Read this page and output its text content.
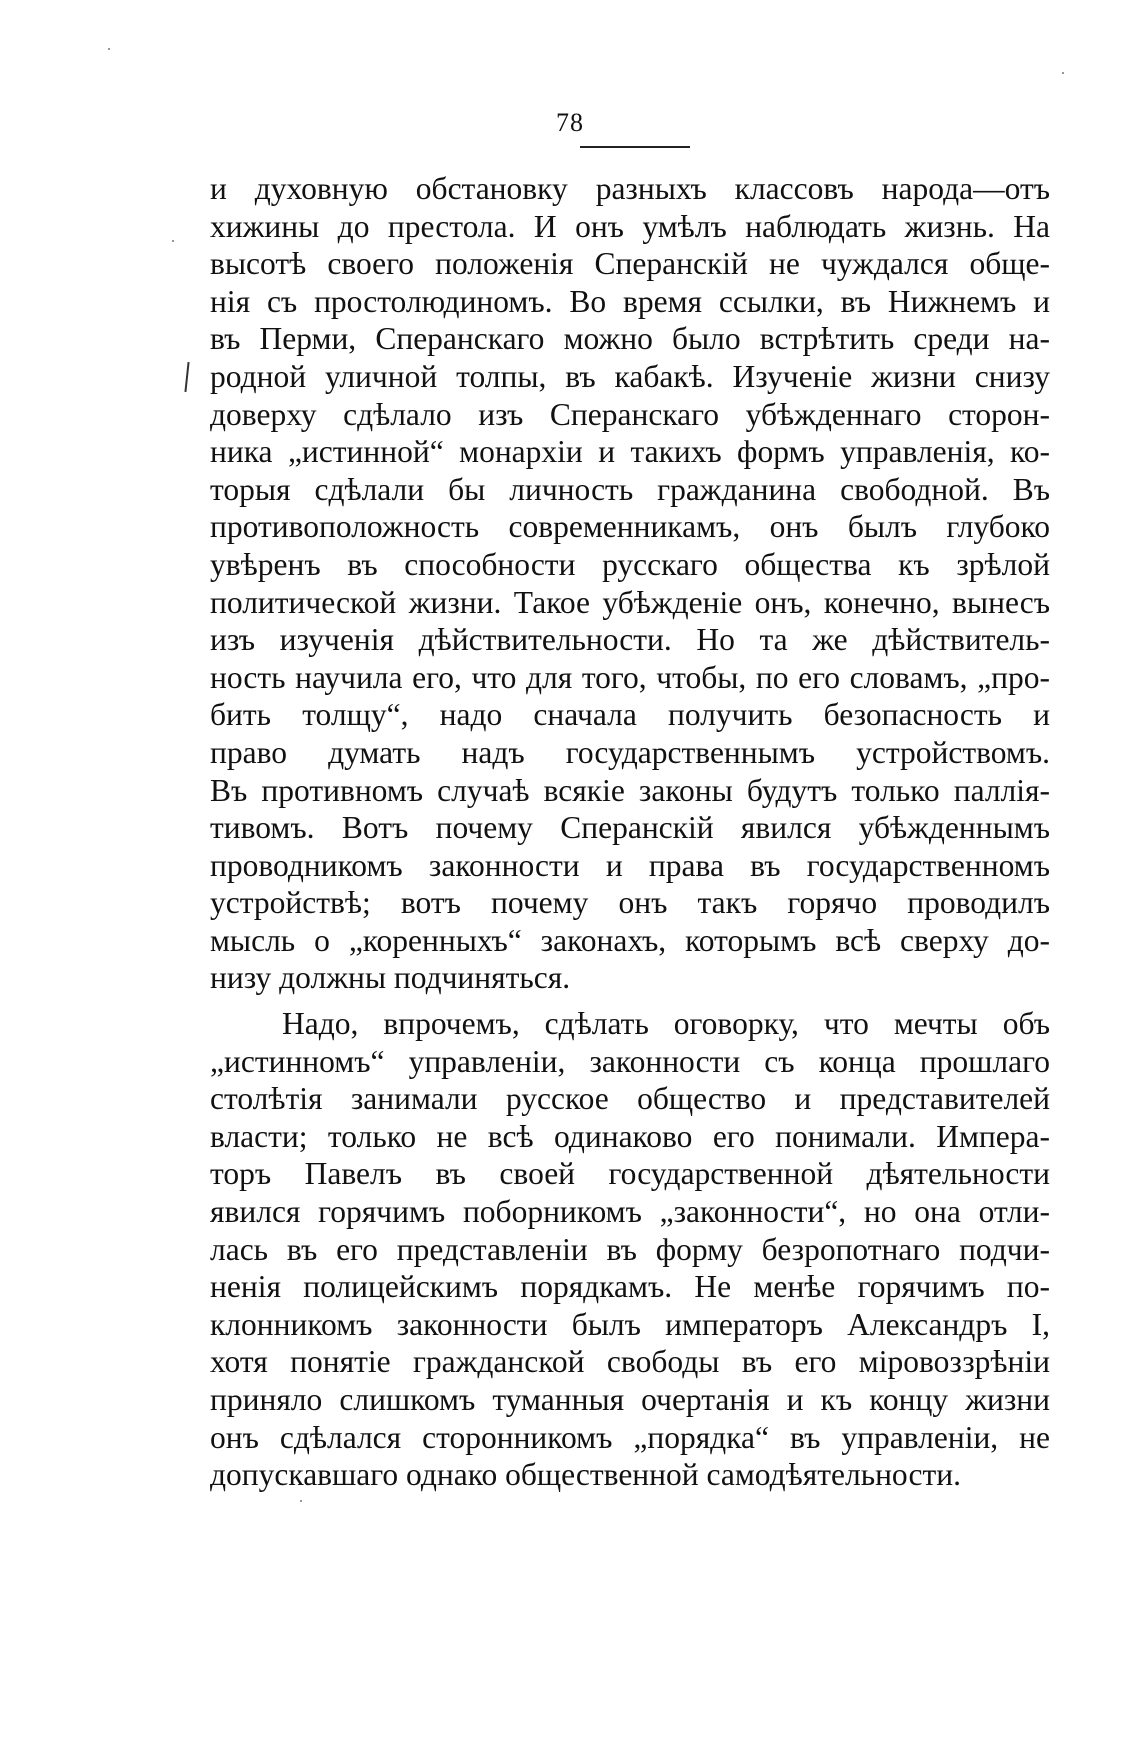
78
и духовную обстановку разныхъ классовъ народа—отъ
хижины до престола. И онъ умѣлъ наблюдать жизнь. На
высотѣ своего положенія Сперанскій не чуждался обще-
нія съ простолюдиномъ. Во время ссылки, въ Нижнемъ и
въ Перми, Сперанскаго можно было встрѣтить среди на-
родной уличной толпы, въ кабакѣ. Изученіе жизни снизу
доверху сдѣлало изъ Сперанскаго убѣжденнаго сторон-
ника „истинной“ монархіи и такихъ формъ управленія, ко-
торыя сдѣлали бы личность гражданина свободной. Въ
противоположность современникамъ, онъ былъ глубоко
увѣренъ въ способности русскаго общества къ зрѣлой
политической жизни. Такое убѣжденіе онъ, конечно, вынесъ
изъ изученія дѣйствительности. Но та же дѣйствитель-
ность научила его, что для того, чтобы, по его словамъ, „про-
бить толщу“, надо сначала получить безопасность и
право думать надъ государственнымъ устройствомъ.
Въ противномъ случаѣ всякіе законы будутъ только паллія-
тивомъ. Вотъ почему Сперанскій явился убѣжденнымъ
проводникомъ законности и права въ государственномъ
устройствѣ; вотъ почему онъ такъ горячо проводилъ
мысль о „коренныхъ“ законахъ, которымъ всѣ сверху до-
низу должны подчиняться.
Надо, впрочемъ, сдѣлать оговорку, что мечты объ
„истинномъ“ управленіи, законности съ конца прошлаго
столѣтія занимали русское общество и представителей
власти; только не всѣ одинаково его понимали. Импера-
торъ Павелъ въ своей государственной дѣятельности
явился горячимъ поборникомъ „законности“, но она отли-
лась въ его представленіи въ форму безропотнаго подчи-
ненія полицейскимъ порядкамъ. Не менѣе горячимъ по-
клонникомъ законности былъ императоръ Александръ I,
хотя понятіе гражданской свободы въ его міровоззрѣніи
приняло слишкомъ туманныя очертанія и къ концу жизни
онъ сдѣлался сторонникомъ „порядка“ въ управленіи, не
допускавшаго однако общественной самодѣятельности.
